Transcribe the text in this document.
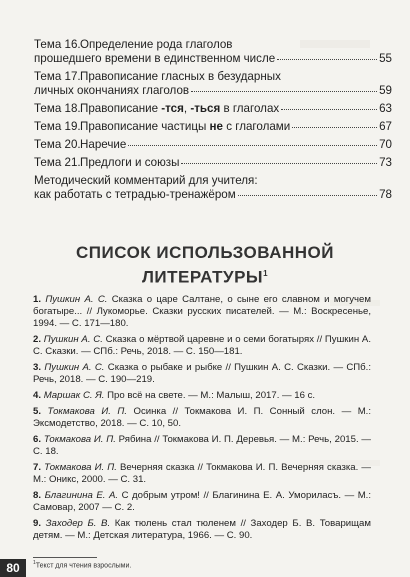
Тема 16.Определение рода глаголов
прошедшего времени в единственном числе	55
Тема 17.Правописание гласных в безударных
личных окончаниях глаголов	59
Тема 18.Правописание -тся, -ться в глаголах	63
Тема 19.Правописание частицы не с глаголами	67
Тема 20.Наречие	70
Тема 21.Предлоги и союзы	73
Методический комментарий для учителя:
как работать с тетрадью-тренажёром	78
СПИСОК ИСПОЛЬЗОВАННОЙ
ЛИТЕРАТУРЫ$^1$
1. Пушкин А. С. Сказка о царе Салтане, о сыне его славном и могучем богатыре... // Лукоморье. Сказки русских писателей. — М.: Воскресенье, 1994. — С. 171—180.
2. Пушкин А. С. Сказка о мёртвой царевне и о семи богатырях // Пушкин А. С. Сказки. — СПб.: Речь, 2018. — С. 150—181.
3. Пушкин А. С. Сказка о рыбаке и рыбке // Пушкин А. С. Сказки. — СПб.: Речь, 2018. — С. 190—219.
4. Маршак С. Я. Про всё на свете. — М.: Малыш, 2017. — 16 с.
5. Токмакова И. П. Осинка // Токмакова И. П. Сонный слон. — М.: Эксмодетство, 2018. — С. 10, 50.
6. Токмакова И. П. Рябина // Токмакова И. П. Деревья. — М.: Речь, 2015. — С. 18.
7. Токмакова И. П. Вечерняя сказка // Токмакова И. П. Вечерняя сказка. — М.: Оникс, 2000. — С. 31.
8. Благинина Е. А. С добрым утром! // Благинина Е. А. Умориласъ. — М.: Самовар, 2007 — С. 2.
9. Заходер Б. В. Как тюлень стал тюленем // Заходер Б. В. Товарищам детям. — М.: Детская литература, 1966. — С. 90.
$^1$Текст для чтения взрослыми.
80
